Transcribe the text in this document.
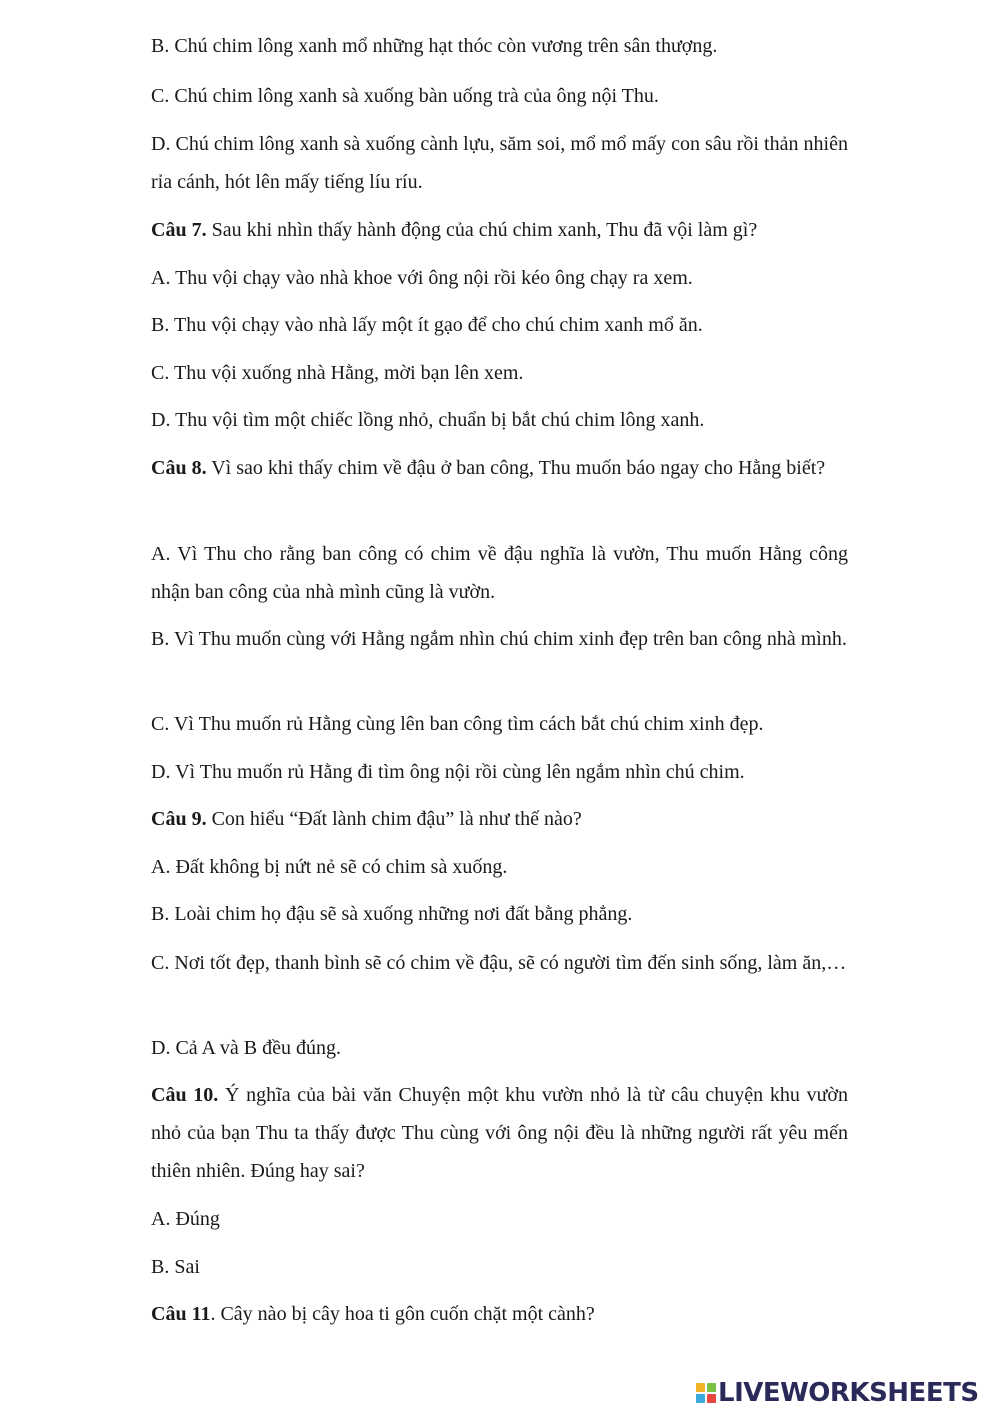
B. Chú chim lông xanh mổ những hạt thóc còn vương trên sân thượng.
C. Chú chim lông xanh sà xuống bàn uống trà của ông nội Thu.
D. Chú chim lông xanh sà xuống cành lựu, săm soi, mổ mổ mấy con sâu rồi thản nhiên rỉa cánh, hót lên mấy tiếng líu ríu.
Câu 7. Sau khi nhìn thấy hành động của chú chim xanh, Thu đã vội làm gì?
A. Thu vội chạy vào nhà khoe với ông nội rồi kéo ông chạy ra xem.
B. Thu vội chạy vào nhà lấy một ít gạo để cho chú chim xanh mổ ăn.
C. Thu vội xuống nhà Hằng, mời bạn lên xem.
D. Thu vội tìm một chiếc lồng nhỏ, chuẩn bị bắt chú chim lông xanh.
Câu 8. Vì sao khi thấy chim về đậu ở ban công, Thu muốn báo ngay cho Hằng biết?
A. Vì Thu cho rằng ban công có chim về đậu nghĩa là vườn, Thu muốn Hằng công nhận ban công của nhà mình cũng là vườn.
B. Vì Thu muốn cùng với Hằng ngắm nhìn chú chim xinh đẹp trên ban công nhà mình.
C. Vì Thu muốn rủ Hằng cùng lên ban công tìm cách bắt chú chim xinh đẹp.
D. Vì Thu muốn rủ Hằng đi tìm ông nội rồi cùng lên ngắm nhìn chú chim.
Câu 9. Con hiểu “Đất lành chim đậu” là như thế nào?
A. Đất không bị nứt nẻ sẽ có chim sà xuống.
B. Loài chim họ đậu sẽ sà xuống những nơi đất bằng phẳng.
C. Nơi tốt đẹp, thanh bình sẽ có chim về đậu, sẽ có người tìm đến sinh sống, làm ăn,…
D. Cả A và B đều đúng.
Câu 10. Ý nghĩa của bài văn Chuyện một khu vườn nhỏ là từ câu chuyện khu vườn nhỏ của bạn Thu ta thấy được Thu cùng với ông nội đều là những người rất yêu mến thiên nhiên. Đúng hay sai?
A. Đúng
B. Sai
Câu 11. Cây nào bị cây hoa ti gôn cuốn chặt một cành?
LIVEWORKSHEETS
